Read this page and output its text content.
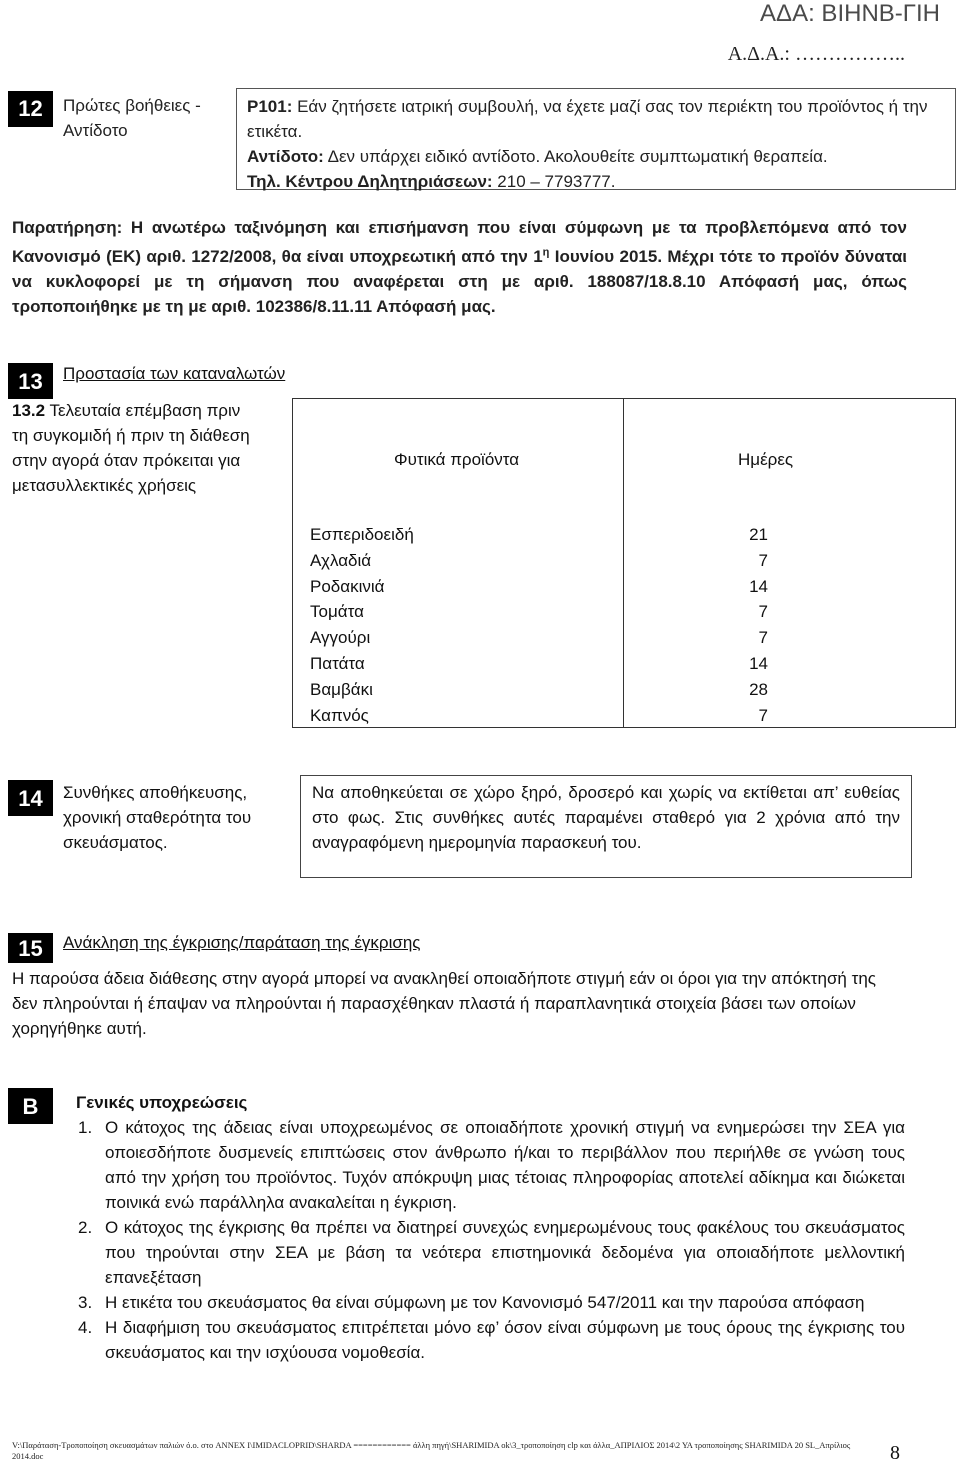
ΑΔΑ: ΒΙΗΝΒ-ΓΙΗ
Α.Δ.Α.: ……………..
12	Πρώτες βοήθειες - Αντίδοτο
P101: Εάν ζητήσετε ιατρική συμβουλή, να έχετε μαζί σας τον περιέκτη του προϊόντος ή την ετικέτα.
Αντίδοτο: Δεν υπάρχει ειδικό αντίδοτο. Ακολουθείτε συμπτωματική θεραπεία.
Τηλ. Κέντρου Δηλητηριάσεων: 210 – 7793777.
Παρατήρηση: Η ανωτέρω ταξινόμηση και επισήμανση που είναι σύμφωνη με τα προβλεπόμενα από τον Κανονισμό (ΕΚ) αριθ. 1272/2008, θα είναι υποχρεωτική από την $1^\eta$ Ιουνίου 2015. Μέχρι τότε το προϊόν δύναται να κυκλοφορεί με τη σήμανση που αναφέρεται στη με αριθ. 188087/18.8.10 Απόφασή μας, όπως τροποποιήθηκε με τη με αριθ. 102386/8.11.11 Απόφασή μας.
13	Προστασία των καταναλωτών
13.2 Τελευταία επέμβαση πριν τη συγκομιδή ή πριν τη διάθεση στην αγορά όταν πρόκειται για μετασυλλεκτικές χρήσεις
Φυτικά προϊόντα	Ημέρες
Εσπεριδοειδή	21
Αχλαδιά	7
Ροδακινιά	14
Τομάτα	7
Αγγούρι	7
Πατάτα	14
Βαμβάκι	28
Καπνός	7
14	Συνθήκες αποθήκευσης, χρονική σταθερότητα του σκευάσματος.
Να αποθηκεύεται σε χώρο ξηρό, δροσερό και χωρίς να εκτίθεται απ’ ευθείας στο φως. Στις συνθήκες αυτές παραμένει σταθερό για 2 χρόνια από την αναγραφόμενη ημερομηνία παρασκευή του.
15	Ανάκληση της έγκρισης/παράταση της έγκρισης
Η παρούσα άδεια διάθεσης στην αγορά μπορεί να ανακληθεί οποιαδήποτε στιγμή εάν οι όροι για την απόκτησή της δεν πληρούνται ή έπαψαν να πληρούνται ή παρασχέθηκαν πλαστά ή παραπλανητικά στοιχεία βάσει των οποίων χορηγήθηκε αυτή.
Β	Γενικές υποχρεώσεις
1. Ο κάτοχος της άδειας είναι υποχρεωμένος σε οποιαδήποτε χρονική στιγμή να ενημερώσει την ΣΕΑ για οποιεσδήποτε δυσμενείς επιπτώσεις στον άνθρωπο ή/και το περιβάλλον που περιήλθε σε γνώση τους από την χρήση του προϊόντος. Τυχόν απόκρυψη μιας τέτοιας πληροφορίας αποτελεί αδίκημα και διώκεται ποινικά ενώ παράλληλα ανακαλείται η έγκριση.
2. Ο κάτοχος της έγκρισης θα πρέπει να διατηρεί συνεχώς ενημερωμένους τους φακέλους του σκευάσματος που τηρούνται στην ΣΕΑ με βάση τα νεότερα επιστημονικά δεδομένα για οποιαδήποτε μελλοντική επανεξέταση
3. Η ετικέτα του σκευάσματος θα είναι σύμφωνη με τον Κανονισμό 547/2011 και την παρούσα απόφαση
4. Η διαφήμιση του σκευάσματος επιτρέπεται μόνο εφ’ όσον είναι σύμφωνη με τους όρους της έγκρισης του σκευάσματος και την ισχύουσα νομοθεσία.
V:\Παράταση-Τροποποίηση σκευασμάτων παλιών ό.ο. στο ANNEX I\IMIDACLOPRID\SHARDA ============ άλλη πηγή\SHARIMIDA ok\3_τροποποίηση clp και άλλα_ΑΠΡΙΛΙΟΣ 2014\2 ΥΑ τροποποίησης SHARIMIDA 20 SL_Απρίλιος 2014.doc	8
